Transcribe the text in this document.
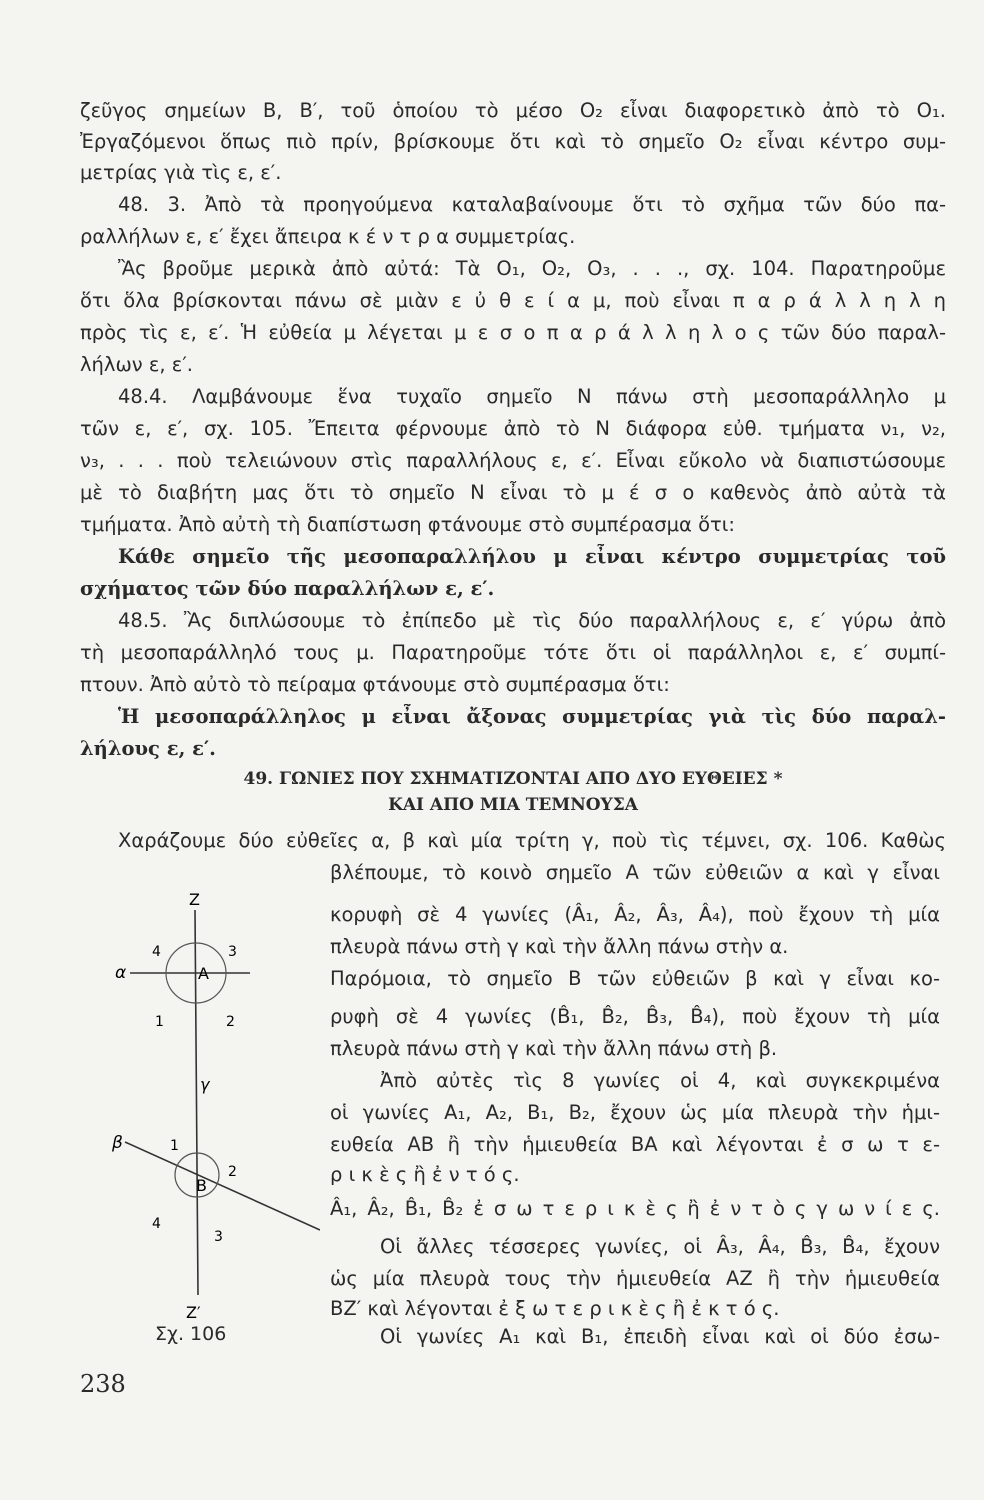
ζεῦγος σημείων Β, Β′, τοῦ ὁποίου τὸ μέσο O₂ εἶναι διαφορετικὸ ἀπὸ τὸ O₁.
Ἐργαζόμενοι ὅπως πιὸ πρίν, βρίσκουμε ὅτι καὶ τὸ σημεῖο O₂ εἶναι κέντρο συμ-
μετρίας γιὰ τὶς ε, ε′.
48. 3. Ἀπὸ τὰ προηγούμενα καταλαβαίνουμε ὅτι τὸ σχῆμα τῶν δύο πα-
ραλλήλων ε, ε′ ἔχει ἄπειρα κ έ ν τ ρ α συμμετρίας.
Ἂς βροῦμε μερικὰ ἀπὸ αὐτά: Τὰ O₁, O₂, O₃, . . ., σχ. 104. Παρατηροῦμε
ὅτι ὅλα βρίσκονται πάνω σὲ μιὰν ε ὐ θ ε ί α μ, ποὺ εἶναι π α ρ ά λ λ η λ η
πρὸς τὶς ε, ε′. Ἡ εὐθεία μ λέγεται μ ε σ ο π α ρ ά λ λ η λ ο ς τῶν δύο παραλ-
λήλων ε, ε′.
48.4. Λαμβάνουμε ἕνα τυχαῖο σημεῖο Ν πάνω στὴ μεσοπαράλληλο μ
τῶν ε, ε′, σχ. 105. Ἔπειτα φέρνουμε ἀπὸ τὸ Ν διάφορα εὐθ. τμήματα ν₁, ν₂,
ν₃, . . . ποὺ τελειώνουν στὶς παραλλήλους ε, ε′. Εἶναι εὔκολο νὰ διαπιστώσουμε
μὲ τὸ διαβήτη μας ὅτι τὸ σημεῖο Ν εἶναι τὸ μ έ σ ο καθενὸς ἀπὸ αὐτὰ τὰ
τμήματα. Ἀπὸ αὐτὴ τὴ διαπίστωση φτάνουμε στὸ συμπέρασμα ὅτι:
Κάθε σημεῖο τῆς μεσοπαραλλήλου μ εἶναι κέντρο συμμετρίας τοῦ
σχήματος τῶν δύο παραλλήλων ε, ε′.
48.5. Ἂς διπλώσουμε τὸ ἐπίπεδο μὲ τὶς δύο παραλλήλους ε, ε′ γύρω ἀπὸ
τὴ μεσοπαράλληλό τους μ. Παρατηροῦμε τότε ὅτι οἱ παράλληλοι ε, ε′ συμπί-
πτουν. Ἀπὸ αὐτὸ τὸ πείραμα φτάνουμε στὸ συμπέρασμα ὅτι:
Ἡ μεσοπαράλληλος μ εἶναι ἄξονας συμμετρίας γιὰ τὶς δύο παραλ-
λήλους ε, ε′.
49. ΓΩΝΙΕΣ ΠΟΥ ΣΧΗΜΑΤΙΖΟΝΤΑΙ ΑΠΟ ΔΥΟ ΕΥΘΕΙΕΣ *
ΚΑΙ ΑΠΟ ΜΙΑ ΤΕΜΝΟΥΣΑ
Χαράζουμε δύο εὐθεῖες α, β καὶ μία τρίτη γ, ποὺ τὶς τέμνει, σχ. 106. Καθὼς
βλέπουμε, τὸ κοινὸ σημεῖο Α τῶν εὐθειῶν α καὶ γ εἶναι
κορυφὴ σὲ 4 γωνίες (Â₁, Â₂, Â₃, Â₄), ποὺ ἔχουν τὴ μία
πλευρὰ πάνω στὴ γ καὶ τὴν ἄλλη πάνω στὴν α.
Παρόμοια, τὸ σημεῖο Β τῶν εὐθειῶν β καὶ γ εἶναι κο-
ρυφὴ σὲ 4 γωνίες (B̂₁, B̂₂, B̂₃, B̂₄), ποὺ ἔχουν τὴ μία
πλευρὰ πάνω στὴ γ καὶ τὴν ἄλλη πάνω στὴ β.
Ἀπὸ αὐτὲς τὶς 8 γωνίες οἱ 4, καὶ συγκεκριμένα
οἱ γωνίες A₁, A₂, B₁, B₂, ἔχουν ὡς μία πλευρὰ τὴν ἡμι-
ευθεία ΑΒ ἢ τὴν ἡμιευθεία ΒΑ καὶ λέγονται ἐ σ ω τ ε-
ρ ι κ ὲ ς ἢ ἐ ν τ ό ς.
Â₁, Â₂, B̂₁, B̂₂ ἐ σ ω τ ε ρ ι κ ὲ ς ἢ ἐ ν τ ὸ ς γ ω ν ί ε ς.
Οἱ ἄλλες τέσσερες γωνίες, οἱ Â₃, Â₄, B̂₃, B̂₄, ἔχουν
ὡς μία πλευρὰ τους τὴν ἡμιευθεία ΑΖ ἢ τὴν ἡμιευθεία
ΒΖ′ καὶ λέγονται ἐ ξ ω τ ε ρ ι κ ὲ ς ἢ ἐ κ τ ό ς.
Οἱ γωνίες A₁ καὶ B₁, ἐπειδὴ εἶναι καὶ οἱ δύο ἐσω-
Z
Z′
A
B
α
β
γ
4	3
1	2
1
2
4
3
Σχ. 106
238
